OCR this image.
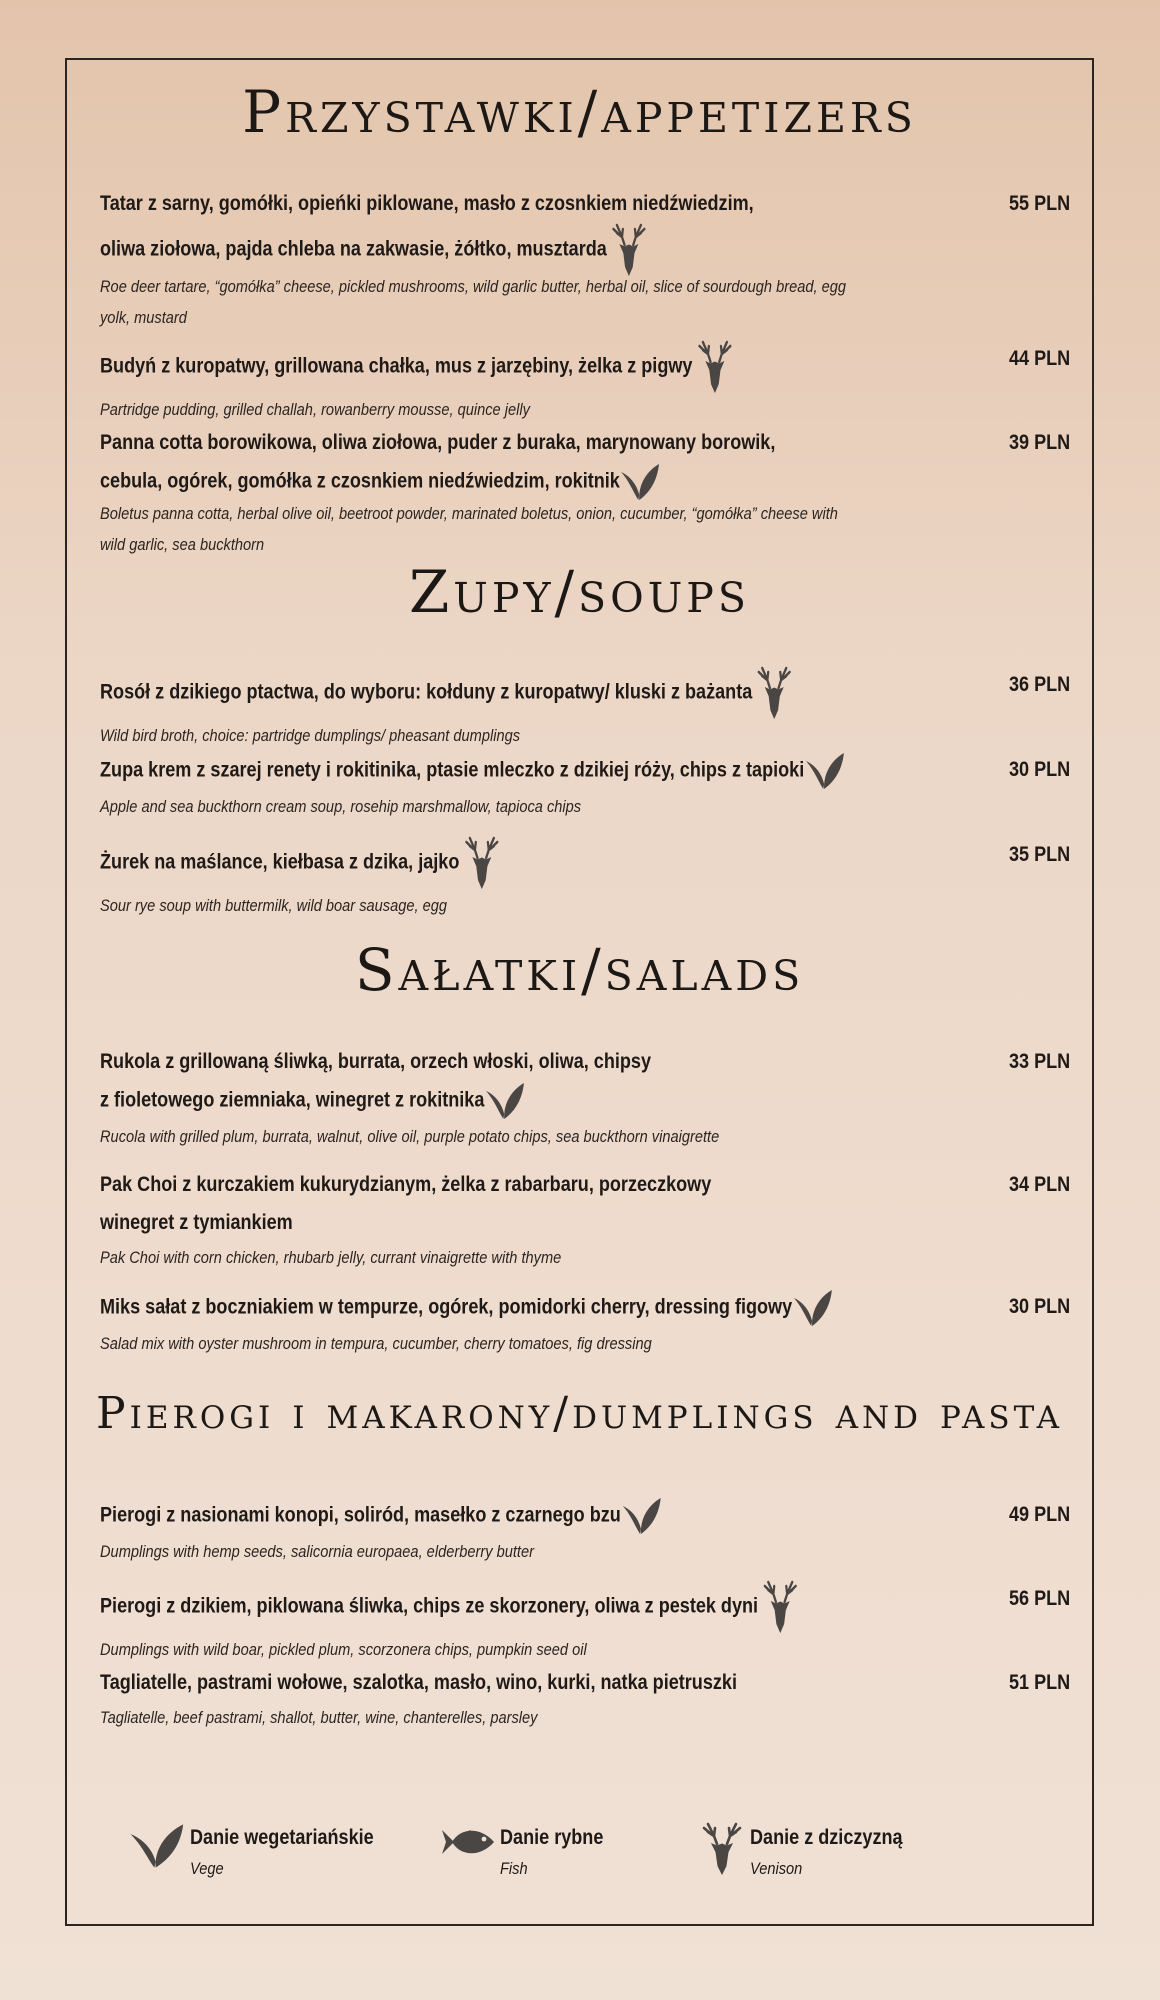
Przystawki/appetizers
Tatar z sarny, gomółki, opieńki piklowane, masło z czosnkiem niedźwiedzim,
oliwa ziołowa, pajda chleba na zakwasie, żółtko, musztarda
55 PLN
Roe deer tartare, “gomółka” cheese, pickled mushrooms, wild garlic butter, herbal oil, slice of sourdough bread, egg
yolk, mustard
Budyń z kuropatwy, grillowana chałka, mus z jarzębiny, żelka z pigwy	44 PLN
Partridge pudding, grilled challah, rowanberry mousse, quince jelly
Panna cotta borowikowa, oliwa ziołowa, puder z buraka, marynowany borowik,
cebula, ogórek, gomółka z czosnkiem niedźwiedzim, rokitnik
39 PLN
Boletus panna cotta, herbal olive oil, beetroot powder, marinated boletus, onion, cucumber, “gomółka” cheese with
wild garlic, sea buckthorn
Zupy/soups
Rosół z dzikiego ptactwa, do wyboru: kołduny z kuropatwy/ kluski z bażanta	36 PLN
Wild bird broth, choice: partridge dumplings/ pheasant dumplings
Zupa krem z szarej renety i rokitinika, ptasie mleczko z dzikiej róży, chips z tapioki	30 PLN
Apple and sea buckthorn cream soup, rosehip marshmallow, tapioca chips
Żurek na maślance, kiełbasa z dzika, jajko	35 PLN
Sour rye soup with buttermilk, wild boar sausage, egg
Sałatki/salads
Rukola z grillowaną śliwką, burrata, orzech włoski, oliwa, chipsy
z fioletowego ziemniaka, winegret z rokitnika
33 PLN
Rucola with grilled plum, burrata, walnut, olive oil, purple potato chips, sea buckthorn vinaigrette
Pak Choi z kurczakiem kukurydzianym, żelka z rabarbaru, porzeczkowy
winegret z tymiankiem
34 PLN
Pak Choi with corn chicken, rhubarb jelly, currant vinaigrette with thyme
Miks sałat z boczniakiem w tempurze, ogórek, pomidorki cherry, dressing figowy	30 PLN
Salad mix with oyster mushroom in tempura, cucumber, cherry tomatoes, fig dressing
Pierogi i makarony/dumplings and pasta
Pierogi z nasionami konopi, soliród, masełko z czarnego bzu	49 PLN
Dumplings with hemp seeds, salicornia europaea, elderberry butter
Pierogi z dzikiem, piklowana śliwka, chips ze skorzonery, oliwa z pestek dyni	56 PLN
Dumplings with wild boar, pickled plum, scorzonera chips, pumpkin seed oil
Tagliatelle, pastrami wołowe, szalotka, masło, wino, kurki, natka pietruszki	51 PLN
Tagliatelle, beef pastrami, shallot, butter, wine, chanterelles, parsley
Danie wegetariańskie
Vege
Danie rybne
Fish
Danie z dziczyzną
Venison
